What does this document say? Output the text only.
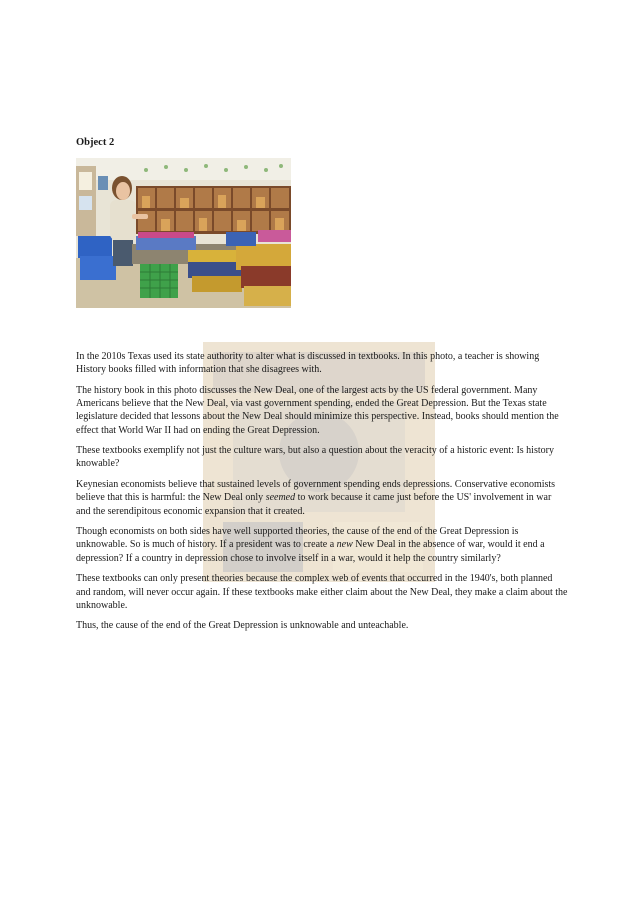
Object 2

In the 2010s Texas used its state authority to alter what is discussed in textbooks. In this photo, a teacher is showing History books filled with information that she disagrees with.

The history book in this photo discusses the New Deal, one of the largest acts by the US federal government. Many Americans believe that the New Deal, via vast government spending, ended the Great Depression. But the Texas state legislature decided that lessons about the New Deal should minimize this perspective. Instead, books should mention the effect that World War II had on ending the Great Depression.

These textbooks exemplify not just the culture wars, but also a question about the veracity of a historic event: Is history knowable?

Keynesian economists believe that sustained levels of government spending ends depressions. Conservative economists believe that this is harmful: the New Deal only seemed to work because it came just before the US' involvement in war and the serendipitous economic expansion that it created.

Though economists on both sides have well supported theories, the cause of the end of the Great Depression is unknowable. So is much of history. If a president was to create a new New Deal in the absence of war, would it end a depression? If a country in depression chose to involve itself in a war, would it help the country similarly?

These textbooks can only present theories because the complex web of events that occurred in the 1940's, both planned and random, will never occur again. If these textbooks make either claim about the New Deal, they make a claim about the unknowable.

Thus, the cause of the end of the Great Depression is unknowable and unteachable.
